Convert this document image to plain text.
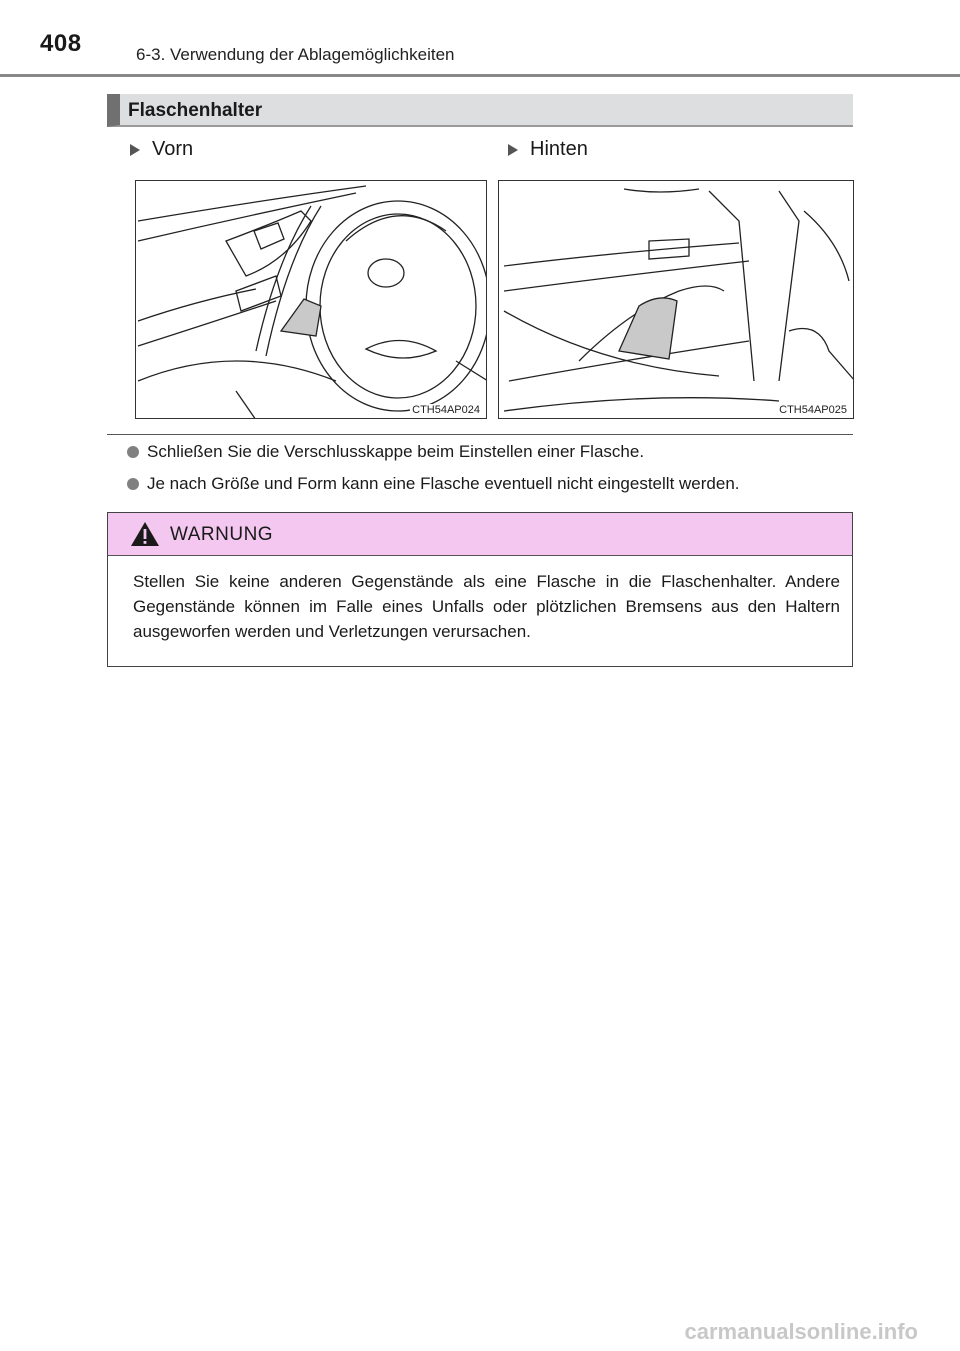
408	6-3. Verwendung der Ablagemöglichkeiten
Flaschenhalter
Vorn	Hinten
CTH54AP024	CTH54AP025
Schließen Sie die Verschlusskappe beim Einstellen einer Flasche.
Je nach Größe und Form kann eine Flasche eventuell nicht eingestellt werden.
WARNUNG
Stellen Sie keine anderen Gegenstände als eine Flasche in die Flaschenhalter. Andere Gegenstände können im Falle eines Unfalls oder plötzlichen Bremsens aus den Haltern ausgeworfen werden und Verletzungen verursachen.
carmanualsonline.info
